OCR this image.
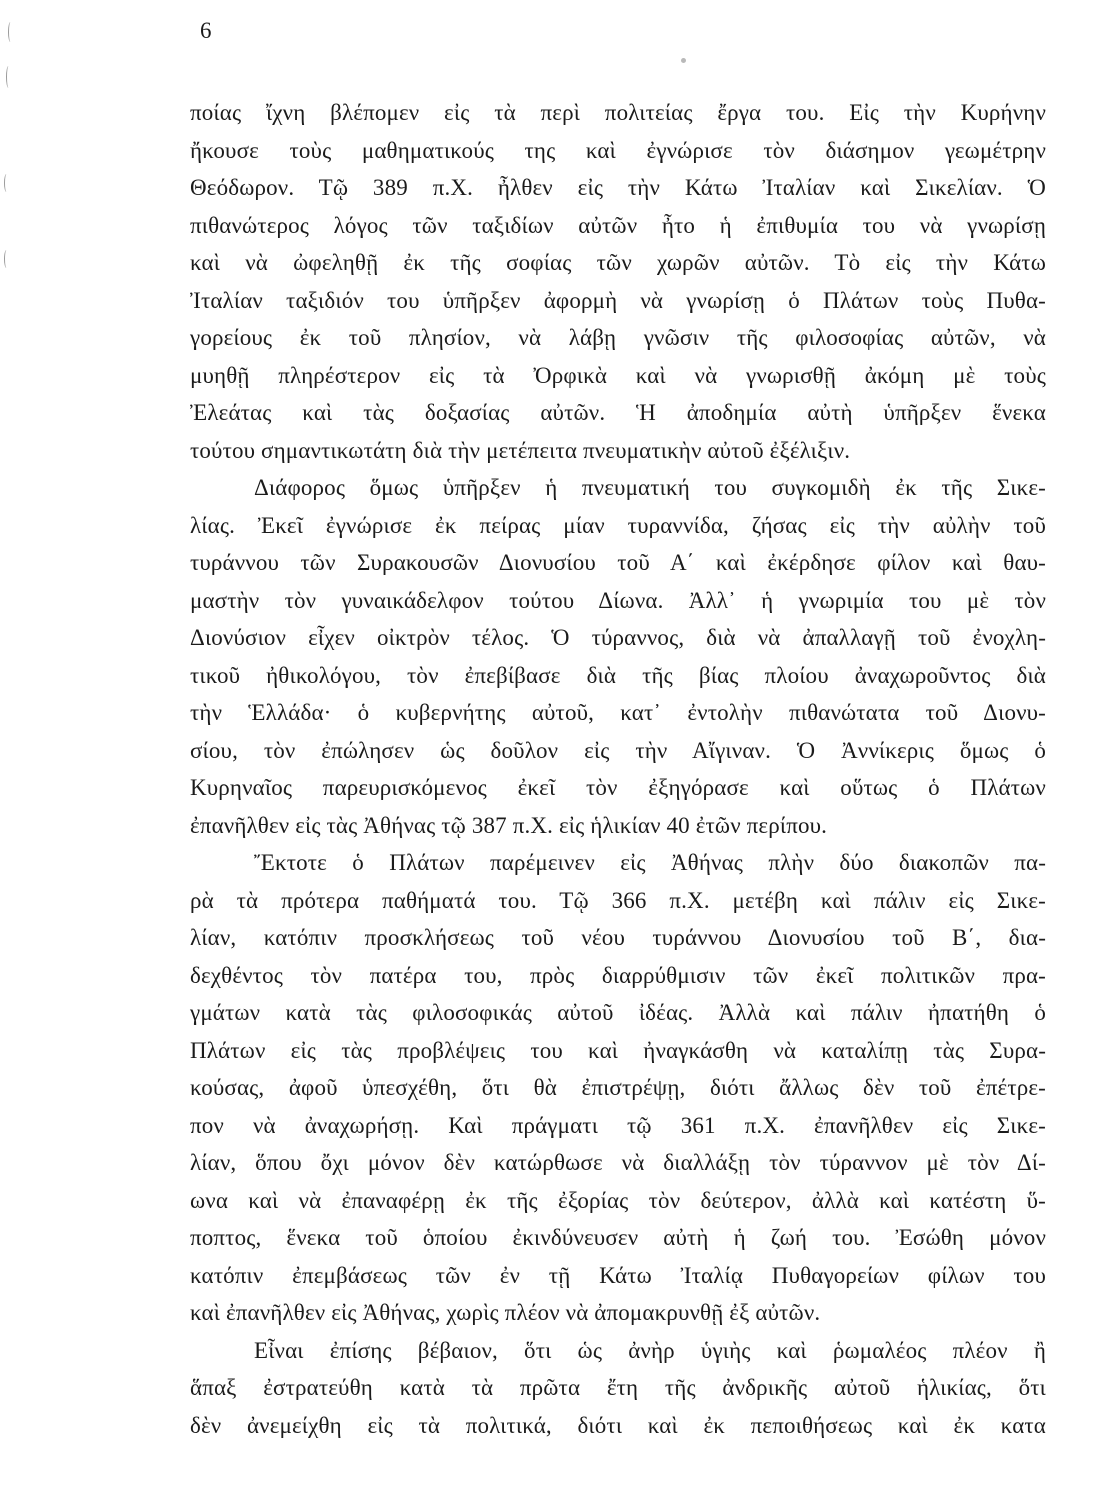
6
ποίας ἴχνη βλέπομεν εἰς τὰ περὶ πολιτείας ἔργα του. Εἰς τὴν Κυρήνην
ἤκουσε τοὺς μαθηματικούς της καὶ ἐγνώρισε τὸν διάσημον γεωμέτρην
Θεόδωρον. Τῷ 389 π.Χ. ἦλθεν εἰς τὴν Κάτω Ἰταλίαν καὶ Σικελίαν. Ὁ
πιθανώτερος λόγος τῶν ταξιδίων αὐτῶν ἦτο ἡ ἐπιθυμία του νὰ γνωρίσῃ
καὶ νὰ ὠφεληθῇ ἐκ τῆς σοφίας τῶν χωρῶν αὐτῶν. Τὸ εἰς τὴν Κάτω
Ἰταλίαν ταξιδιόν του ὑπῆρξεν ἀφορμὴ νὰ γνωρίσῃ ὁ Πλάτων τοὺς Πυθα-
γορείους ἐκ τοῦ πλησίον, νὰ λάβῃ γνῶσιν τῆς φιλοσοφίας αὐτῶν, νὰ
μυηθῇ πληρέστερον εἰς τὰ Ὀρφικὰ καὶ νὰ γνωρισθῇ ἀκόμη μὲ τοὺς
Ἐλεάτας καὶ τὰς δοξασίας αὐτῶν. Ἡ ἀποδημία αὐτὴ ὑπῆρξεν ἕνεκα
τούτου σημαντικωτάτη διὰ τὴν μετέπειτα πνευματικὴν αὐτοῦ ἐξέλιξιν.
Διάφορος ὅμως ὑπῆρξεν ἡ πνευματική του συγκομιδὴ ἐκ τῆς Σικε-
λίας. Ἐκεῖ ἐγνώρισε ἐκ πείρας μίαν τυραννίδα, ζήσας εἰς τὴν αὐλὴν τοῦ
τυράννου τῶν Συρακουσῶν Διονυσίου τοῦ Α΄ καὶ ἐκέρδησε φίλον καὶ θαυ-
μαστὴν τὸν γυναικάδελφον τούτου Δίωνα. Ἀλλ᾽ ἡ γνωριμία του μὲ τὸν
Διονύσιον εἶχεν οἰκτρὸν τέλος. Ὁ τύραννος, διὰ νὰ ἀπαλλαγῇ τοῦ ἐνοχλη-
τικοῦ ἠθικολόγου, τὸν ἐπεβίβασε διὰ τῆς βίας πλοίου ἀναχωροῦντος διὰ
τὴν Ἑλλάδα· ὁ κυβερνήτης αὐτοῦ, κατ᾽ ἐντολὴν πιθανώτατα τοῦ Διονυ-
σίου, τὸν ἐπώλησεν ὡς δοῦλον εἰς τὴν Αἴγιναν. Ὁ Ἀννίκερις ὅμως ὁ
Κυρηναῖος παρευρισκόμενος ἐκεῖ τὸν ἐξηγόρασε καὶ οὕτως ὁ Πλάτων
ἐπανῆλθεν εἰς τὰς Ἀθήνας τῷ 387 π.Χ. εἰς ἡλικίαν 40 ἐτῶν περίπου.
Ἔκτοτε ὁ Πλάτων παρέμεινεν εἰς Ἀθήνας πλὴν δύο διακοπῶν πα-
ρὰ τὰ πρότερα παθήματά του. Τῷ 366 π.Χ. μετέβη καὶ πάλιν εἰς Σικε-
λίαν, κατόπιν προσκλήσεως τοῦ νέου τυράννου Διονυσίου τοῦ Β΄, δια-
δεχθέντος τὸν πατέρα του, πρὸς διαρρύθμισιν τῶν ἐκεῖ πολιτικῶν πρα-
γμάτων κατὰ τὰς φιλοσοφικάς αὐτοῦ ἰδέας. Ἀλλὰ καὶ πάλιν ἠπατήθη ὁ
Πλάτων εἰς τὰς προβλέψεις του καὶ ἠναγκάσθη νὰ καταλίπῃ τὰς Συρα-
κούσας, ἀφοῦ ὑπεσχέθη, ὅτι θὰ ἐπιστρέψῃ, διότι ἄλλως δὲν τοῦ ἐπέτρε-
πον νὰ ἀναχωρήσῃ. Καὶ πράγματι τῷ 361 π.Χ. ἐπανῆλθεν εἰς Σικε-
λίαν, ὅπου ὄχι μόνον δὲν κατώρθωσε νὰ διαλλάξῃ τὸν τύραννον μὲ τὸν Δί-
ωνα καὶ νὰ ἐπαναφέρῃ ἐκ τῆς ἐξορίας τὸν δεύτερον, ἀλλὰ καὶ κατέστη ὕ-
ποπτος, ἕνεκα τοῦ ὁποίου ἐκινδύνευσεν αὐτὴ ἡ ζωή του. Ἐσώθη μόνον
κατόπιν ἐπεμβάσεως τῶν ἐν τῇ Κάτω Ἰταλίᾳ Πυθαγορείων φίλων του
καὶ ἐπανῆλθεν εἰς Ἀθήνας, χωρὶς πλέον νὰ ἀπομακρυνθῇ ἐξ αὐτῶν.
Εἶναι ἐπίσης βέβαιον, ὅτι ὡς ἀνὴρ ὑγιὴς καὶ ῥωμαλέος πλέον ἢ
ἅπαξ ἐστρατεύθη κατὰ τὰ πρῶτα ἔτη τῆς ἀνδρικῆς αὐτοῦ ἡλικίας, ὅτι
δὲν ἀνεμείχθη εἰς τὰ πολιτικά, διότι καὶ ἐκ πεποιθήσεως καὶ ἐκ κατα
